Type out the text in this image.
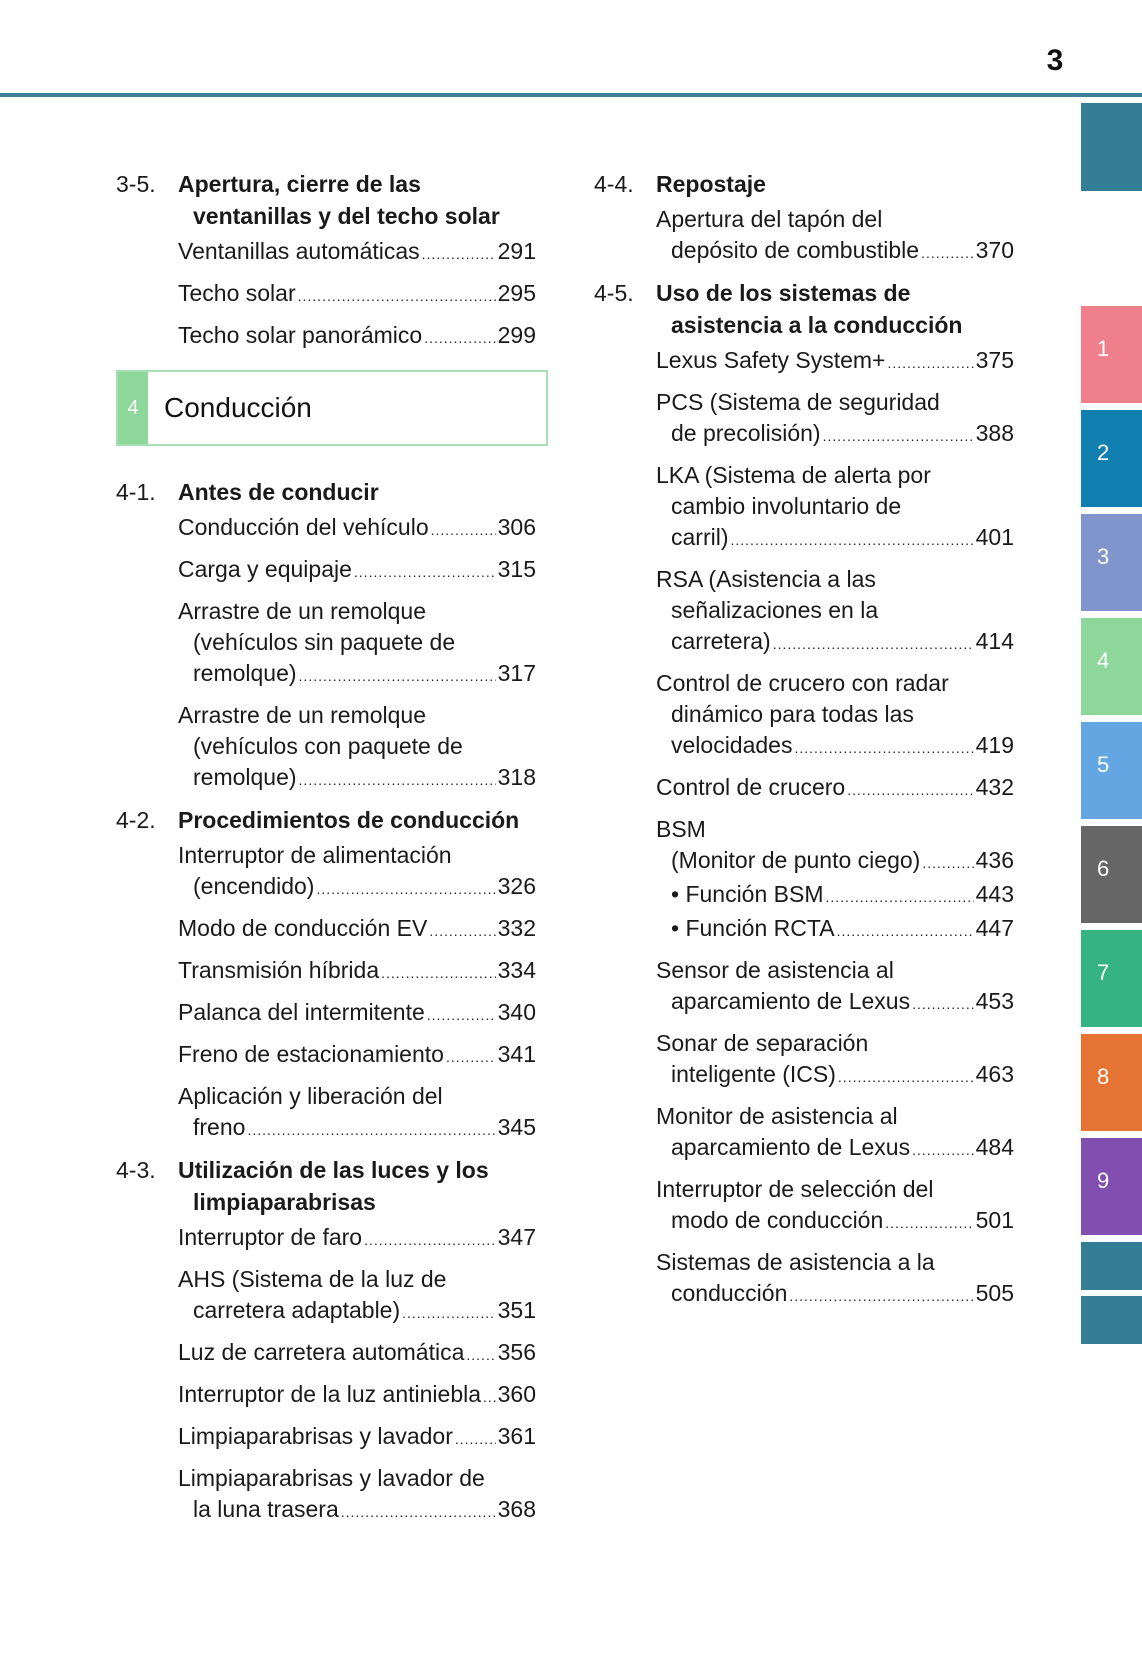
3
1
2
3
4
5
6
7
8
9
3-5. Apertura, cierre de las
ventanillas y del techo solar
Ventanillas automáticas .....	291
Techo solar .....	295
Techo solar panorámico .....	299
4 Conducción
4-1. Antes de conducir
Conducción del vehículo .....	306
Carga y equipaje .....	315
Arrastre de un remolque
(vehículos sin paquete de
remolque) .....	317
Arrastre de un remolque
(vehículos con paquete de
remolque) .....	318
4-2. Procedimientos de conducción
Interruptor de alimentación
(encendido) .....	326
Modo de conducción EV .....	332
Transmisión híbrida .....	334
Palanca del intermitente .....	340
Freno de estacionamiento ..... 341
Aplicación y liberación del
freno .....	345
4-3. Utilización de las luces y los
limpiaparabrisas
Interruptor de faro .....	347
AHS (Sistema de la luz de
carretera adaptable) .....	351
Luz de carretera automática ..... 356
Interruptor de la luz antiniebla ..... 360
Limpiaparabrisas y lavador ..... 361
Limpiaparabrisas y lavador de
la luna trasera .....	368
4-4. Repostaje
Apertura del tapón del
depósito de combustible ..... 370
4-5. Uso de los sistemas de
asistencia a la conducción
Lexus Safety System+ .....	375
PCS (Sistema de seguridad
de precolisión) .....	388
LKA (Sistema de alerta por
cambio involuntario de
carril) .....	401
RSA (Asistencia a las
señalizaciones en la
carretera) .....	414
Control de crucero con radar
dinámico para todas las
velocidades .....	419
Control de crucero .....	432
BSM
(Monitor de punto ciego) ..... 436
• Función BSM .....	443
• Función RCTA .....	447
Sensor de asistencia al
aparcamiento de Lexus .....	453
Sonar de separación
inteligente (ICS) .....	463
Monitor de asistencia al
aparcamiento de Lexus .....	484
Interruptor de selección del
modo de conducción .....	501
Sistemas de asistencia a la
conducción .....	505
